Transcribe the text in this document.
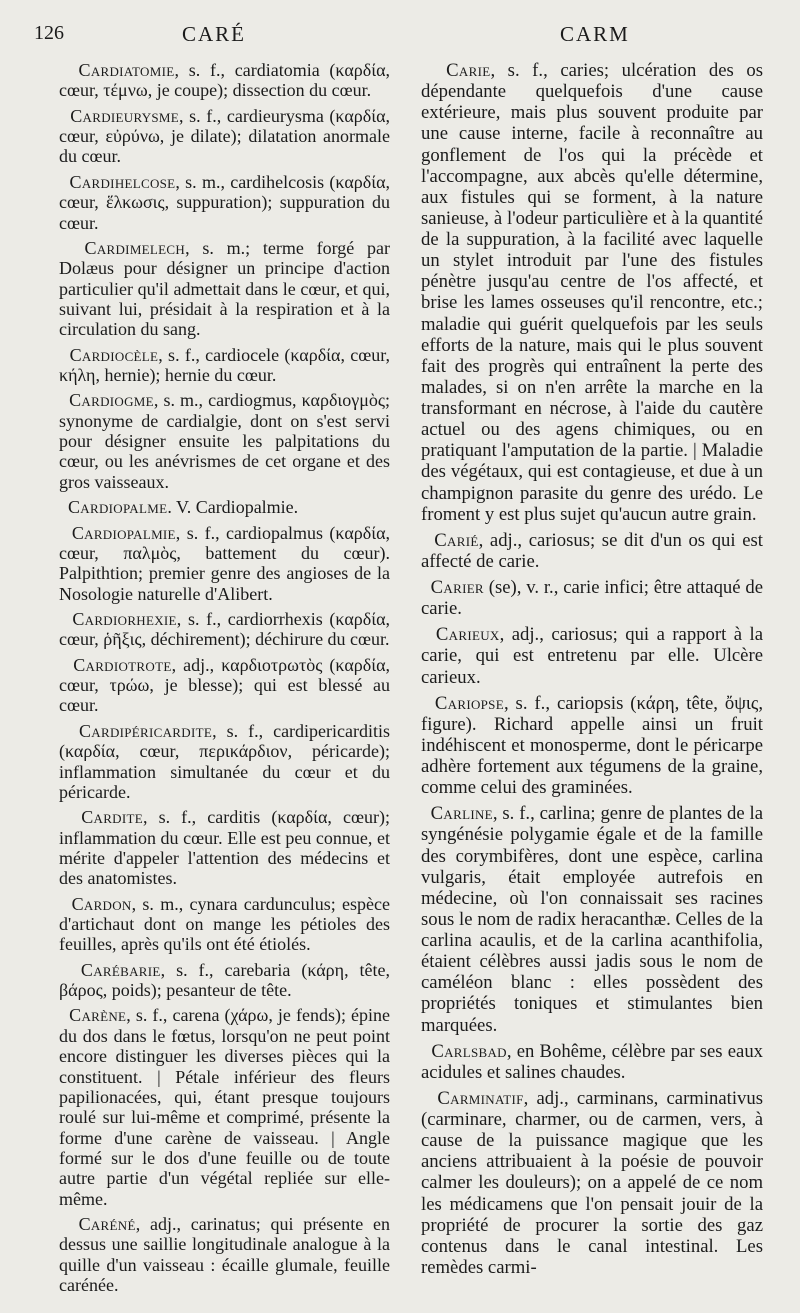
126	CARÉ	CARM

Cardiatomie, s. f., cardiatomia (καρδία, cœur, τέμνω, je coupe); dissection du cœur.

Cardieurysme, s. f., cardieurysma (καρδία, cœur, εὐρύνω, je dilate); dilatation anormale du cœur.

Cardihelcose, s. m., cardihelcosis (καρδία, cœur, ἕλκωσις, suppuration); suppuration du cœur.

Cardimelech, s. m.; terme forgé par Dolæus pour désigner un principe d'action particulier qu'il admettait dans le cœur, et qui, suivant lui, présidait à la respiration et à la circulation du sang.

Cardiocèle, s. f., cardiocele (καρδία, cœur, κήλη, hernie); hernie du cœur.

Cardiogme, s. m., cardiogmus, καρδιογμὸς; synonyme de cardialgie, dont on s'est servi pour désigner ensuite les palpitations du cœur, ou les anévrismes de cet organe et des gros vaisseaux.

Cardiopalme. V. Cardiopalmie.

Cardiopalmie, s. f., cardiopalmus (καρδία, cœur, παλμὸς, battement du cœur). Palpithtion; premier genre des angioses de la Nosologie naturelle d'Alibert.

Cardiorhexie, s. f., cardiorrhexis (καρδία, cœur, ῥῆξις, déchirement); déchirure du cœur.

Cardiotrote, adj., καρδιοτρωτὸς (καρδία, cœur, τρώω, je blesse); qui est blessé au cœur.

Cardipéricardite, s. f., cardipericarditis (καρδία, cœur, περικάρδιον, péricarde); inflammation simultanée du cœur et du péricarde.

Cardite, s. f., carditis (καρδία, cœur); inflammation du cœur. Elle est peu connue, et mérite d'appeler l'attention des médecins et des anatomistes.

Cardon, s. m., cynara cardunculus; espèce d'artichaut dont on mange les pétioles des feuilles, après qu'ils ont été étiolés.

Carébarie, s. f., carebaria (κάρη, tête, βάρος, poids); pesanteur de tête.

Carène, s. f., carena (χάρω, je fends); épine du dos dans le fœtus, lorsqu'on ne peut point encore distinguer les diverses pièces qui la constituent. | Pétale inférieur des fleurs papilionacées, qui, étant presque toujours roulé sur lui-même et comprimé, présente la forme d'une carène de vaisseau. | Angle formé sur le dos d'une feuille ou de toute autre partie d'un végétal repliée sur elle-même.

Caréné, adj., carinatus; qui présente en dessus une saillie longitudinale analogue à la quille d'un vaisseau : écaille glumale, feuille carénée.

Carie, s. f., caries; ulcération des os dépendante quelquefois d'une cause extérieure, mais plus souvent produite par une cause interne, facile à reconnaître au gonflement de l'os qui la précède et l'accompagne, aux abcès qu'elle détermine, aux fistules qui se forment, à la nature sanieuse, à l'odeur particulière et à la quantité de la suppuration, à la facilité avec laquelle un stylet introduit par l'une des fistules pénètre jusqu'au centre de l'os affecté, et brise les lames osseuses qu'il rencontre, etc.; maladie qui guérit quelquefois par les seuls efforts de la nature, mais qui le plus souvent fait des progrès qui entraînent la perte des malades, si on n'en arrête la marche en la transformant en nécrose, à l'aide du cautère actuel ou des agens chimiques, ou en pratiquant l'amputation de la partie. | Maladie des végétaux, qui est contagieuse, et due à un champignon parasite du genre des urédo. Le froment y est plus sujet qu'aucun autre grain.

Carié, adj., cariosus; se dit d'un os qui est affecté de carie.

Carier (se), v. r., carie infici; être attaqué de carie.

Carieux, adj., cariosus; qui a rapport à la carie, qui est entretenu par elle. Ulcère carieux.

Cariopse, s. f., cariopsis (κάρη, tête, ὄψις, figure). Richard appelle ainsi un fruit indéhiscent et monosperme, dont le péricarpe adhère fortement aux tégumens de la graine, comme celui des graminées.

Carline, s. f., carlina; genre de plantes de la syngénésie polygamie égale et de la famille des corymbifères, dont une espèce, carlina vulgaris, était employée autrefois en médecine, où l'on connaissait ses racines sous le nom de radix heracanthæ. Celles de la carlina acaulis, et de la carlina acanthifolia, étaient célèbres aussi jadis sous le nom de caméléon blanc : elles possèdent des propriétés toniques et stimulantes bien marquées.

Carlsbad, en Bohême, célèbre par ses eaux acidules et salines chaudes.

Carminatif, adj., carminans, carminativus (carminare, charmer, ou de carmen, vers, à cause de la puissance magique que les anciens attribuaient à la poésie de pouvoir calmer les douleurs); on a appelé de ce nom les médicamens que l'on pensait jouir de la propriété de procurer la sortie des gaz contenus dans le canal intestinal. Les remèdes carmi-
